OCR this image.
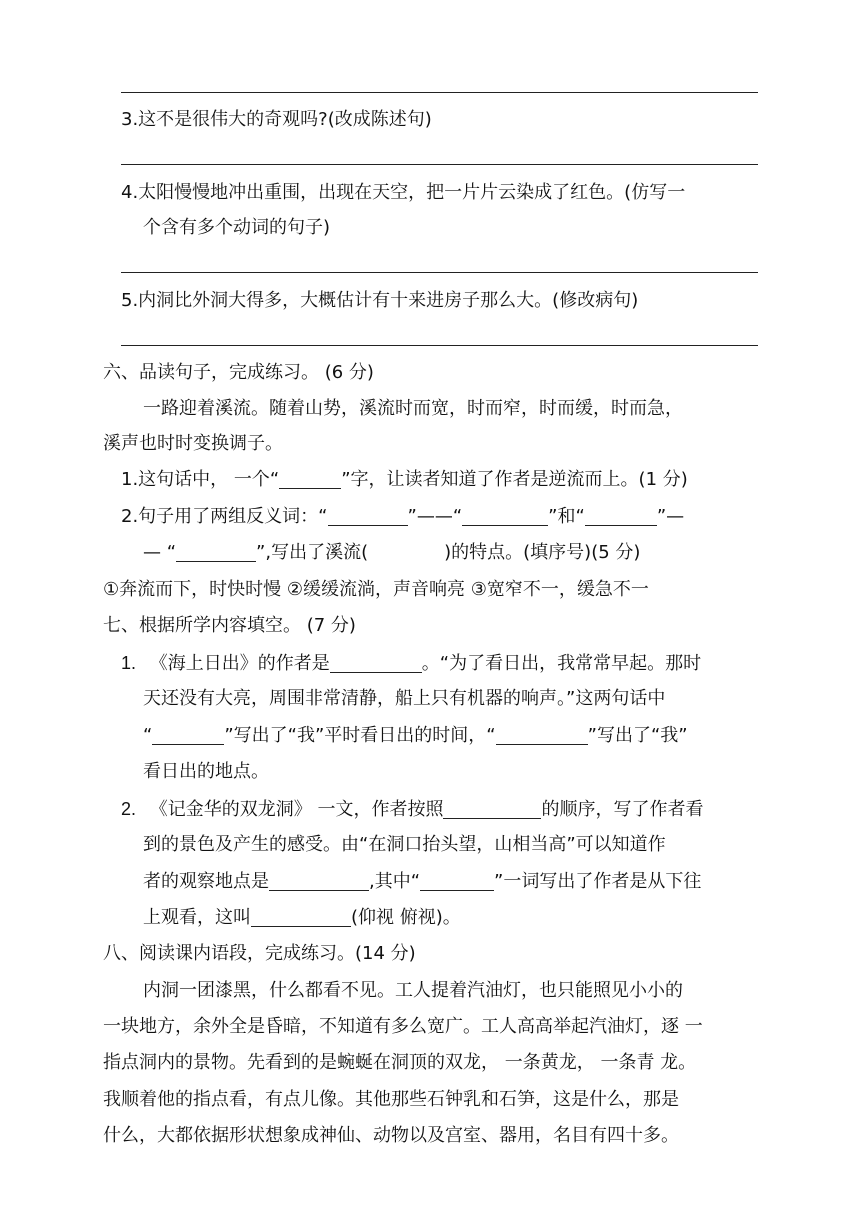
3.这不是很伟大的奇观吗?(改成陈述句)
4.太阳慢慢地冲出重围，出现在天空，把一片片云染成了红色。(仿写一
个含有多个动词的句子)
5.内洞比外洞大得多，大概估计有十来进房子那么大。(修改病句)
六、品读句子，完成练习。 (6 分)
一路迎着溪流。随着山势，溪流时而宽，时而窄，时而缓，时而急，
溪声也时时变换调子。
1.这句话中， 一个“	”字，让读者知道了作者是逆流而上。(1 分)
2.句子用了两组反义词：“	”——“	”和“	”—
— “	”,写出了溪流(	)的特点。(填序号)(5 分)
①奔流而下，时快时慢 ②缓缓流淌，声音响亮 ③宽窄不一，缓急不一
七、根据所学内容填空。 (7 分)
1. 《海上日出》的作者是	。“为了看日出，我常常早起。那时
天还没有大亮，周围非常清静，船上只有机器的响声。”这两句话中
“	”写出了“我”平时看日出的时间，“	”写出了“我”
看日出的地点。
2. 《记金华的双龙洞》 一文，作者按照	的顺序，写了作者看
到的景色及产生的感受。由“在洞口抬头望，山相当高”可以知道作
者的观察地点是	,其中“	”一词写出了作者是从下往
上观看，这叫	(仰视 俯视)。
八、阅读课内语段，完成练习。(14 分)
内洞一团漆黑，什么都看不见。工人提着汽油灯，也只能照见小小的
一块地方，余外全是昏暗，不知道有多么宽广。工人高高举起汽油灯，逐 一
指点洞内的景物。先看到的是蜿蜒在洞顶的双龙， 一条黄龙， 一条青 龙。
我顺着他的指点看，有点儿像。其他那些石钟乳和石笋，这是什么，那是
什么，大都依据形状想象成神仙、动物以及宫室、器用，名目有四十多。
